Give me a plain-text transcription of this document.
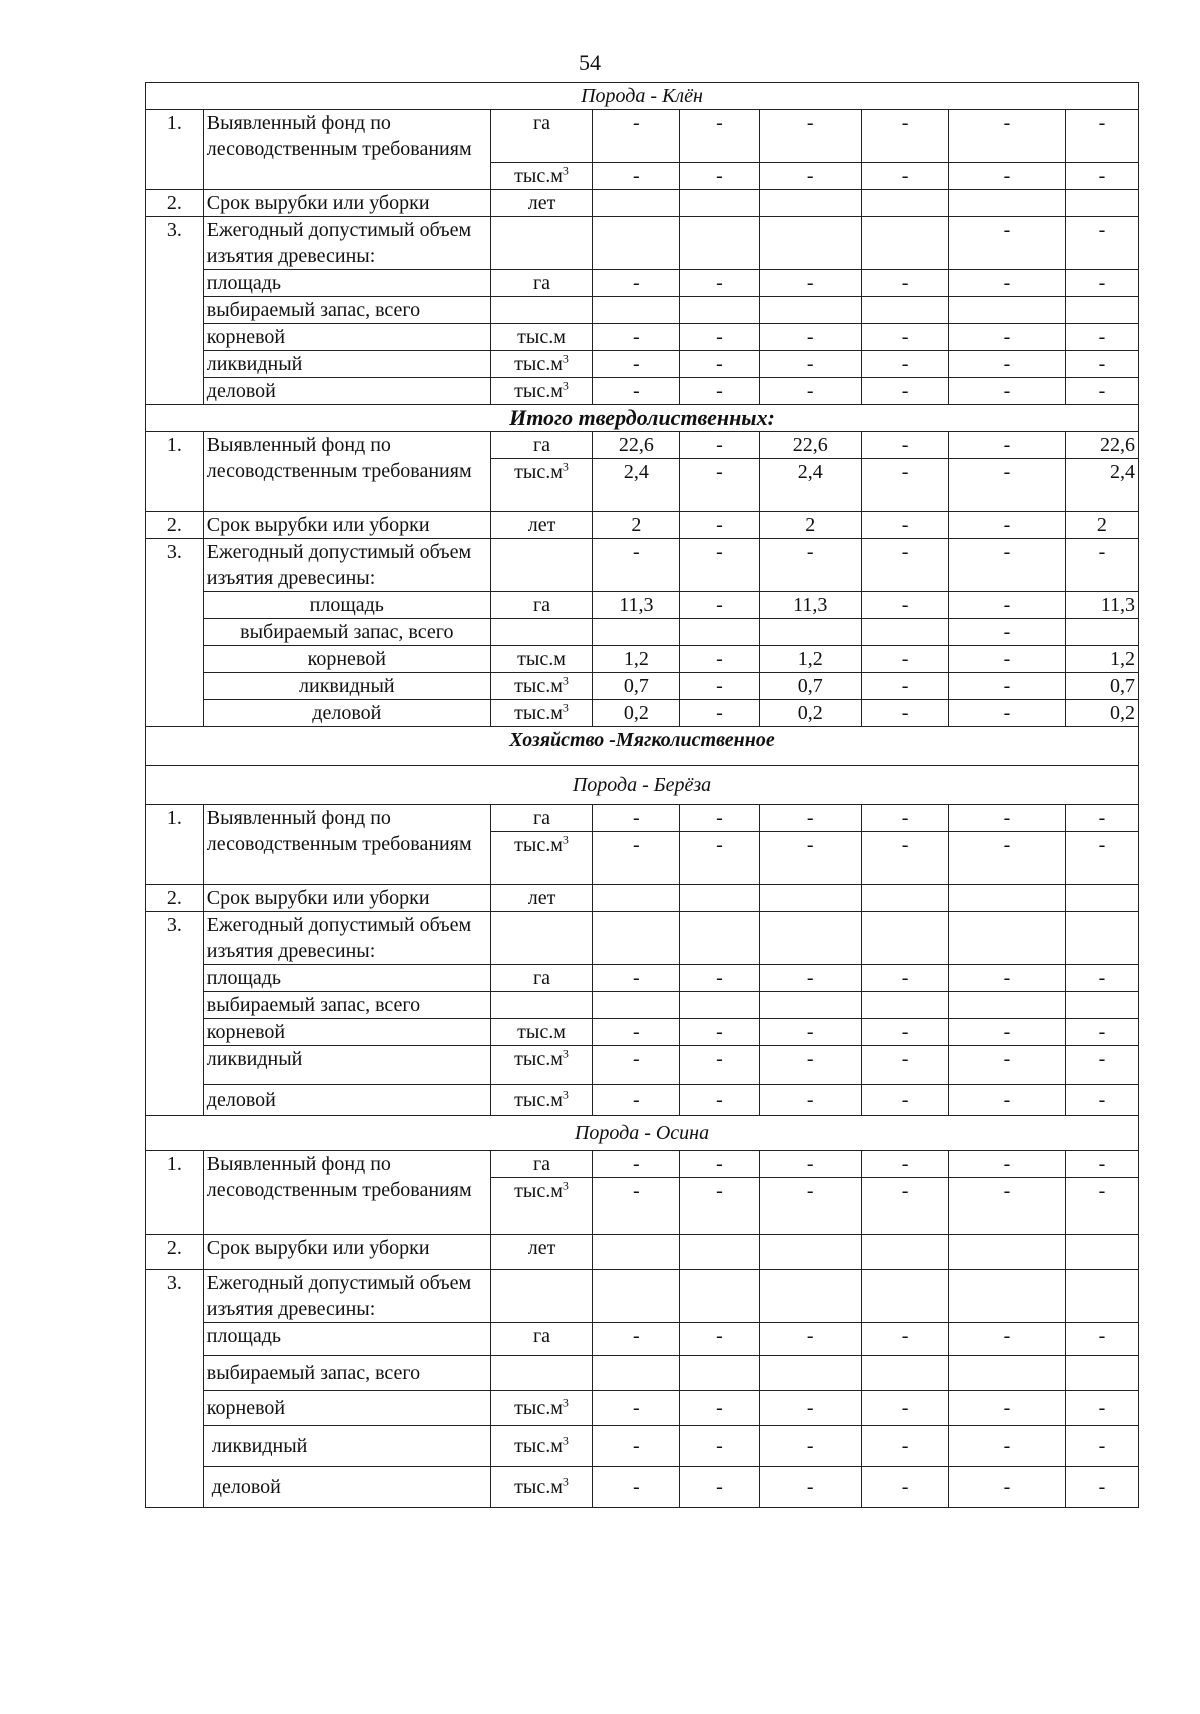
54
Порода - Клён								
1.	Выявленный фонд по лесоводственным требованиям	га	-	-	-	-	-	-
		$тыс.м^3$	-	-	-	-	-	-
2.	Срок вырубки или уборки	лет						
3.	Ежегодный допустимый объем изъятия древесины:						-	-
	площадь	га	-	-	-	-	-	-
	выбираемый запас, всего							
	корневой	тыс.м	-	-	-	-	-	-
	ликвидный	$тыс.м^3$	-	-	-	-	-	-
	деловой	$тыс.м^3$	-	-	-	-	-	-
Итого твердолиственных:								
1.	Выявленный фонд по лесоводственным требованиям	га	22,6	-	22,6	-	-	22,6
		$тыс.м^3$	2,4	-	2,4	-	-	2,4
2.	Срок вырубки или уборки	лет	2	-	2	-	-	2
3.	Ежегодный допустимый объем изъятия древесины:		-	-	-	-	-	-
	площадь	га	11,3	-	11,3	-	-	11,3
	выбираемый запас, всего						-	
	корневой	тыс.м	1,2	-	1,2	-	-	1,2
	ликвидный	$тыс.м^3$	0,7	-	0,7	-	-	0,7
	деловой	$тыс.м^3$	0,2	-	0,2	-	-	0,2
Хозяйство -Мягколиственное								
Порода - Берёза								
1.	Выявленный фонд по лесоводственным требованиям	га	-	-	-	-	-	-
		$тыс.м^3$	-	-	-	-	-	-
2.	Срок вырубки или уборки	лет						
3.	Ежегодный допустимый объем изъятия древесины:							
	площадь	га	-	-	-	-	-	-
	выбираемый запас, всего							
	корневой	тыс.м	-	-	-	-	-	-
	ликвидный	$тыс.м^3$	-	-	-	-	-	-
	деловой	$тыс.м^3$	-	-	-	-	-	-
Порода - Осина								
1.	Выявленный фонд по лесоводственным требованиям	га	-	-	-	-	-	-
		$тыс.м^3$	-	-	-	-	-	-
2.	Срок вырубки или уборки	лет						
3.	Ежегодный допустимый объем изъятия древесины:							
	площадь	га	-	-	-	-	-	-
	выбираемый запас, всего							
	корневой	$тыс.м^3$	-	-	-	-	-	-
	ликвидный	$тыс.м^3$	-	-	-	-	-	-
	деловой	$тыс.м^3$	-	-	-	-	-	-
